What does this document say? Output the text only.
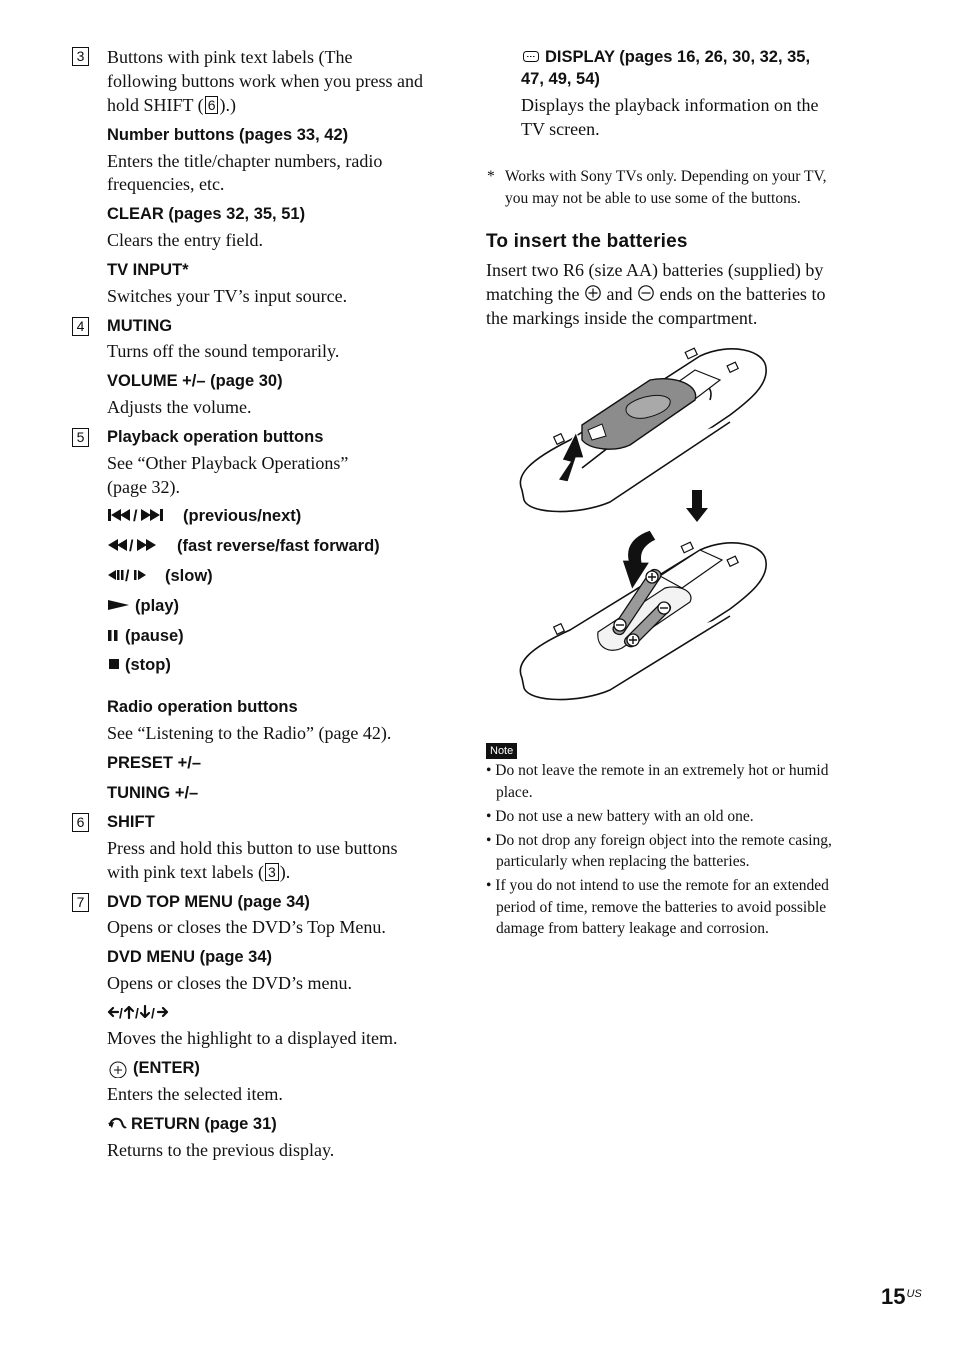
3 Buttons with pink text labels (The
following buttons work when you press and
hold SHIFT ( 6 ).)
Number buttons (pages 33, 42)
Enters the title/chapter numbers, radio
frequencies, etc.
CLEAR (pages 32, 35, 51)
Clears the entry field.
TV INPUT*
Switches your TV’s input source.
4 MUTING
Turns off the sound temporarily.
VOLUME +/– (page 30)
Adjusts the volume.
5 Playback operation buttons
See “Other Playback Operations”
(page 32).
/	(previous/next)
/	(fast reverse/fast forward)
/ (slow)
(play)
(pause)
(stop)
Radio operation buttons
See “Listening to the Radio” (page 42).
PRESET +/–
TUNING +/–
6 SHIFT
Press and hold this button to use buttons
with pink text labels ( 3 ).
7 DVD TOP MENU (page 34)
Opens or closes the DVD’s Top Menu.
DVD MENU (page 34)
Opens or closes the DVD’s menu.
/ / /
Moves the highlight to a displayed item.
(ENTER)
Enters the selected item.
RETURN (page 31)
Returns to the previous display.
DISPLAY (pages 16, 26, 30, 32, 35,
47, 49, 54)
Displays the playback information on the
TV screen.
* Works with Sony TVs only. Depending on your TV,
you may not be able to use some of the buttons.
To insert the batteries
Insert two R6 (size AA) batteries (supplied) by
matching the and ends on the batteries to
the markings inside the compartment.
Note
• Do not leave the remote in an extremely hot or humid
place.
• Do not use a new battery with an old one.
• Do not drop any foreign object into the remote casing,
particularly when replacing the batteries.
• If you do not intend to use the remote for an extended
period of time, remove the batteries to avoid possible
damage from battery leakage and corrosion.
$15^{US}$
